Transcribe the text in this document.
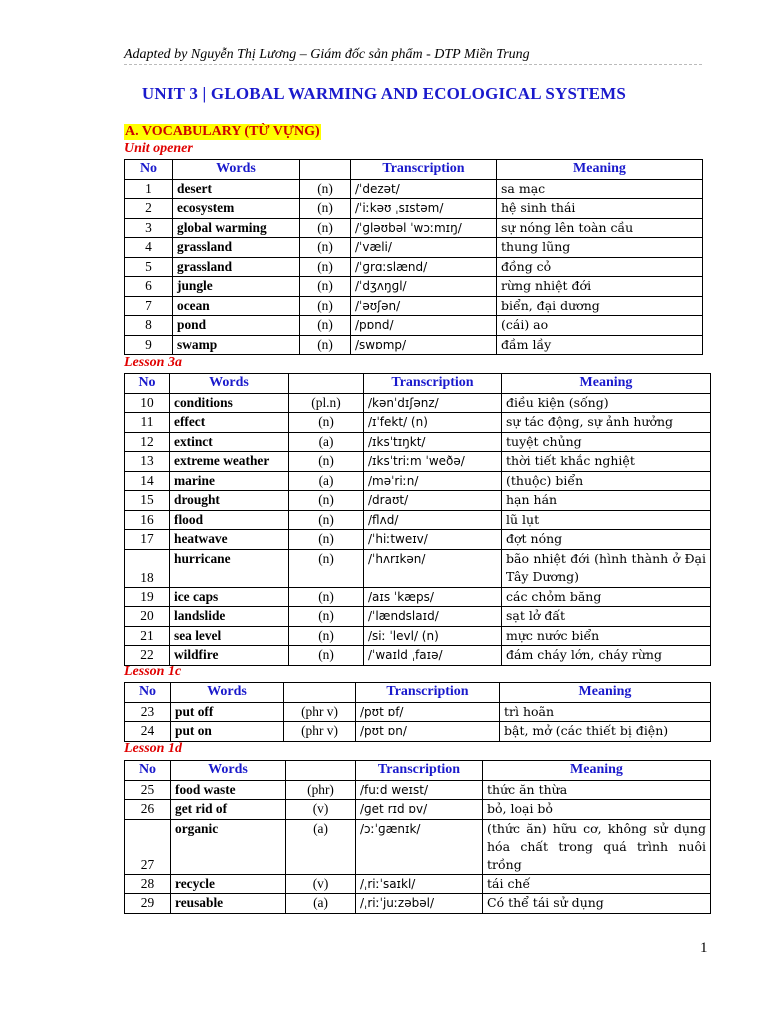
Adapted by Nguyễn Thị Lương – Giám đốc sản phẩm - DTP Miền Trung
UNIT 3 | GLOBAL WARMING AND ECOLOGICAL SYSTEMS
A. VOCABULARY (TỪ VỰNG)
Unit opener
No	Words		Transcription	Meaning
1	desert	(n)	/ˈdezət/	sa mạc
2	ecosystem	(n)	/ˈiːkəʊ ˌsɪstəm/	hệ sinh thái
3	global warming	(n)	/ˈɡləʊbəl ˈwɔːmɪŋ/	sự nóng lên toàn cầu
4	grassland	(n)	/ˈvæli/	thung lũng
5	grassland	(n)	/ˈɡrɑːslænd/	đồng cỏ
6	jungle	(n)	/ˈdʒʌŋɡl/	rừng nhiệt đới
7	ocean	(n)	/ˈəʊʃən/	biển, đại dương
8	pond	(n)	/pɒnd/	(cái) ao
9	swamp	(n)	/swɒmp/	đầm lầy
Lesson 3a
No	Words		Transcription	Meaning
10	conditions	(pl.n)	/kənˈdɪʃənz/	điều kiện (sống)
11	effect	(n)	/ɪˈfekt/ (n)	sự tác động, sự ảnh hưởng
12	extinct	(a)	/ɪksˈtɪŋkt/	tuyệt chủng
13	extreme weather	(n)	/ɪksˈtriːm ˈweðə/	thời tiết khắc nghiệt
14	marine	(a)	/məˈriːn/	(thuộc) biển
15	drought	(n)	/draʊt/	hạn hán
16	flood	(n)	/flʌd/	lũ lụt
17	heatwave	(n)	/ˈhiːtweɪv/	đợt nóng
18	hurricane	(n)	/ˈhʌrɪkən/	bão nhiệt đới (hình thành ở Đại Tây Dương)
19	ice caps	(n)	/aɪs ˈkæps/	các chỏm băng
20	landslide	(n)	/ˈlændslaɪd/	sạt lở đất
21	sea level	(n)	/siː ˈlevl/ (n)	mực nước biển
22	wildfire	(n)	/ˈwaɪld ˌfaɪə/	đám cháy lớn, cháy rừng
Lesson 1c
No	Words		Transcription	Meaning
23	put off	(phr v)	/pʊt ɒf/	trì hoãn
24	put on	(phr v)	/pʊt ɒn/	bật, mở (các thiết bị điện)
Lesson 1d
No	Words		Transcription	Meaning
25	food waste	(phr)	/fuːd weɪst/	thức ăn thừa
26	get rid of	(v)	/ɡet rɪd ɒv/	bỏ, loại bỏ
27	organic	(a)	/ɔːˈɡænɪk/	(thức ăn) hữu cơ, không sử dụng hóa chất trong quá trình nuôi trồng
28	recycle	(v)	/ˌriːˈsaɪkl/	tái chế
29	reusable	(a)	/ˌriːˈjuːzəbəl/	Có thể tái sử dụng
1
